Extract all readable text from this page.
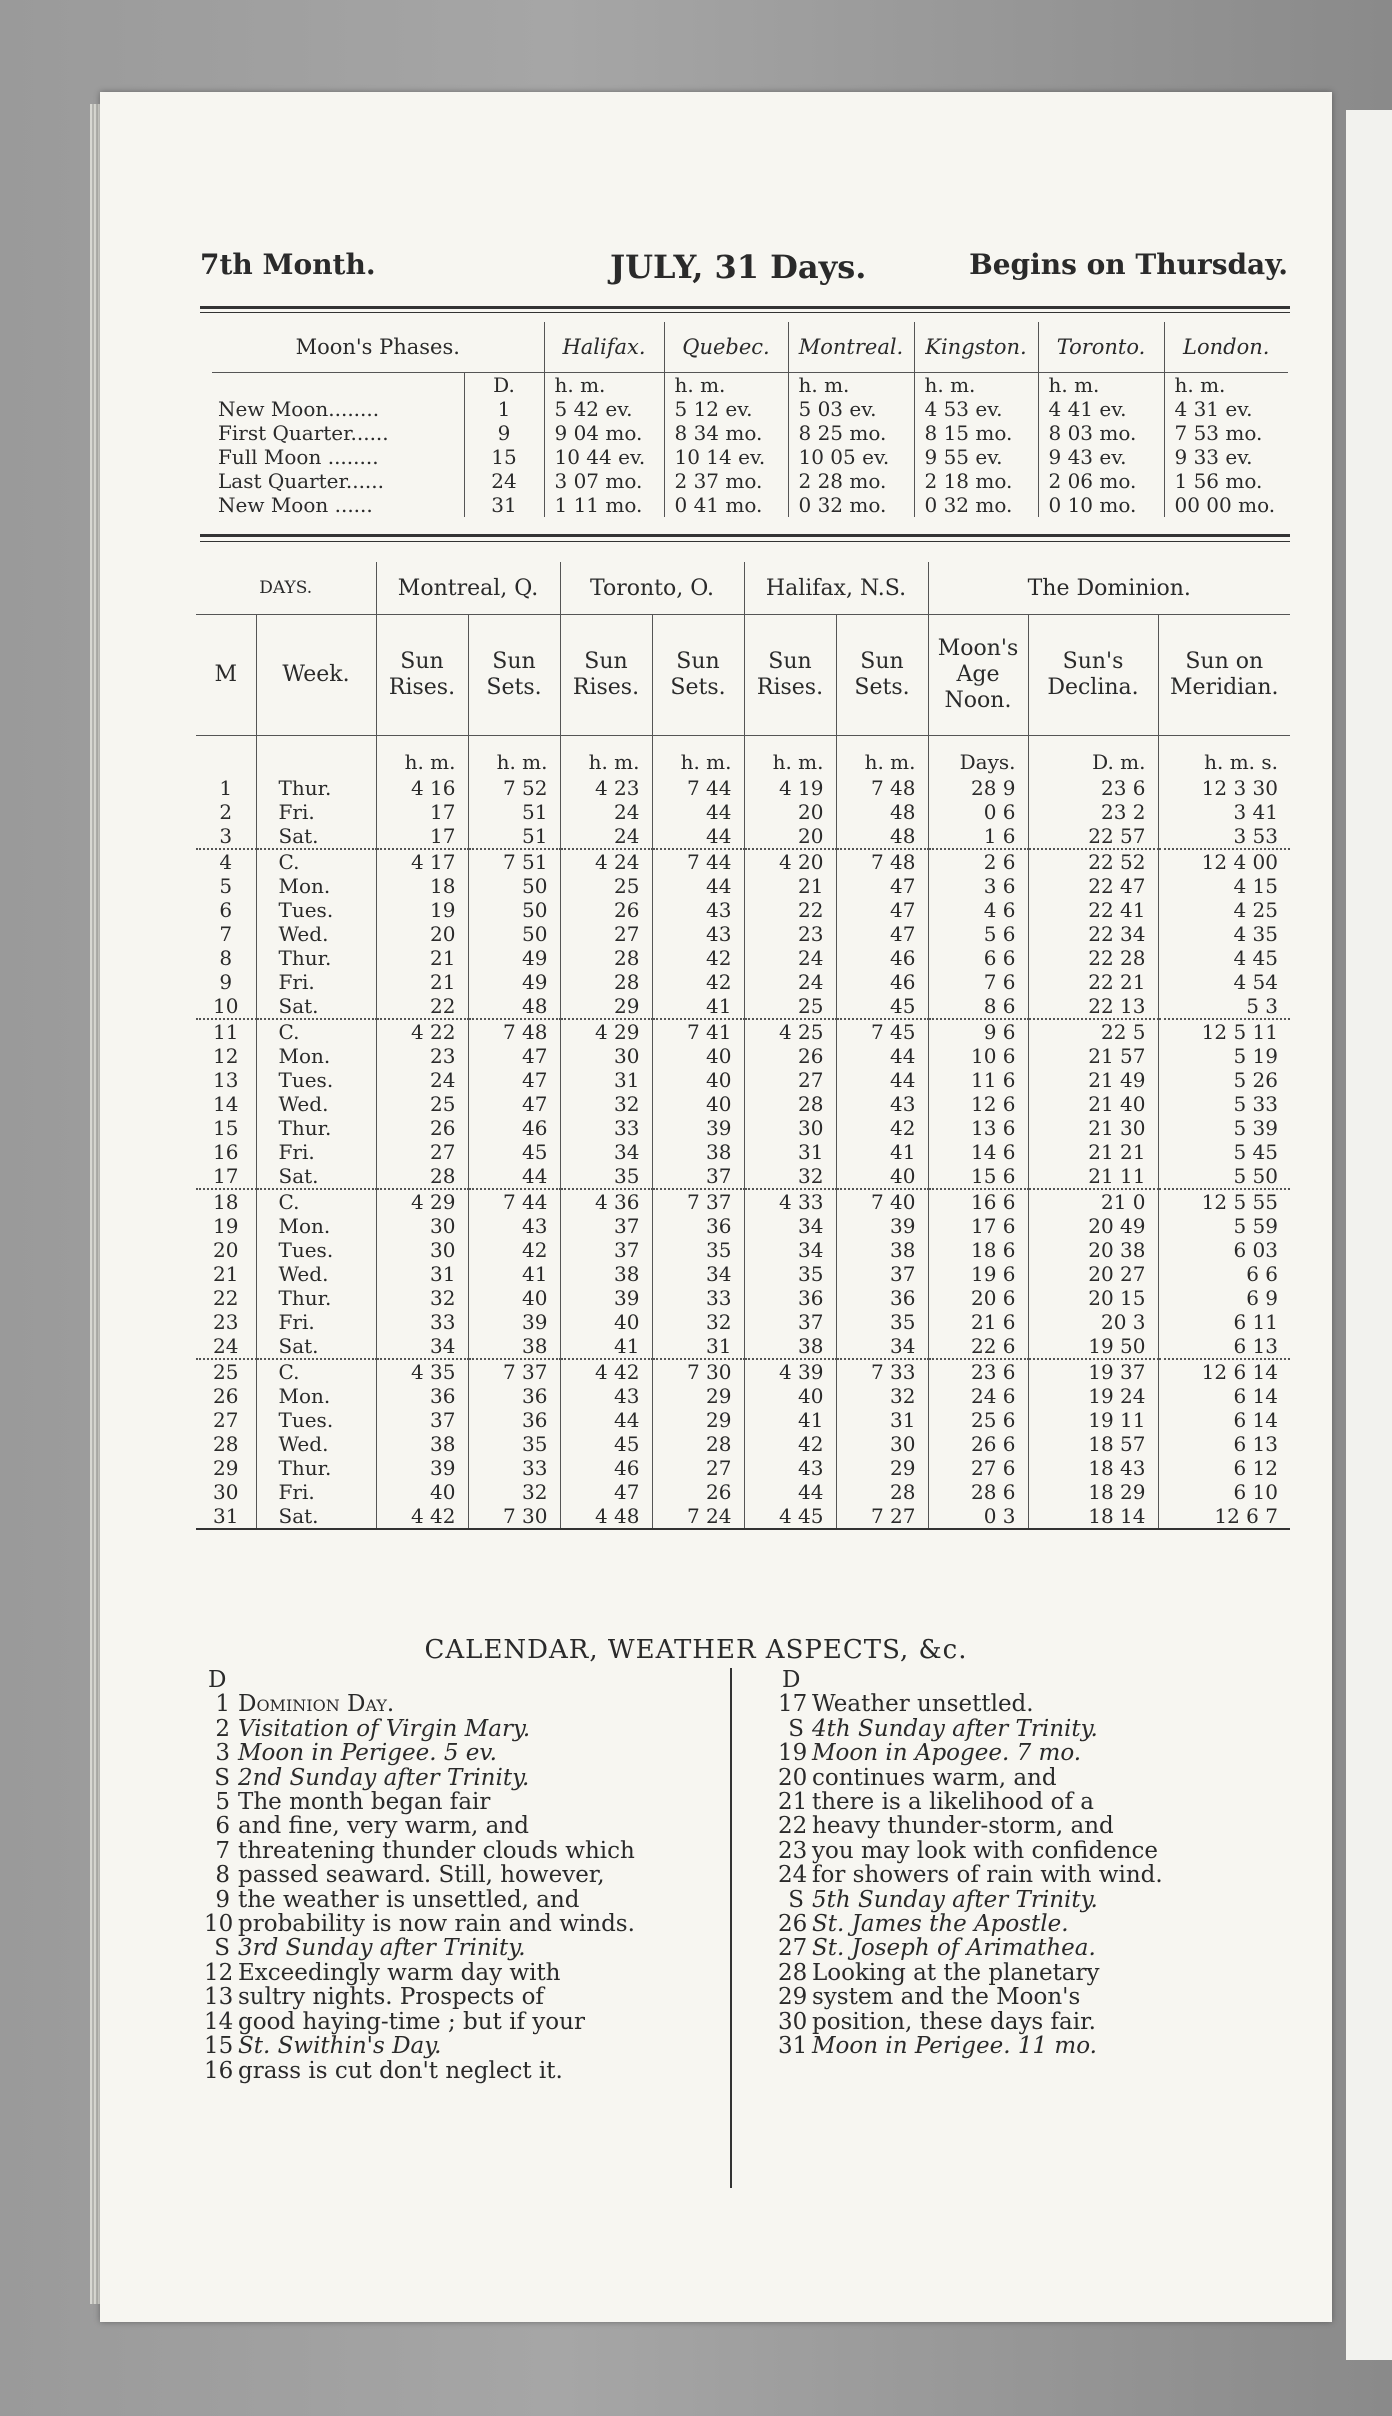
7th Month.	JULY, 31 Days.	Begins on Thursday.
Moon's Phases.		Halifax.	Quebec.	Montreal.	Kingston.	Toronto.	London.
	D.	h. m.	h. m.	h. m.	h. m.	h. m.	h. m.
New Moon........	1	5 42 ev.	5 12 ev.	5 03 ev.	4 53 ev.	4 41 ev.	4 31 ev.
First Quarter......	9	9 04 mo.	8 34 mo.	8 25 mo.	8 15 mo.	8 03 mo.	7 53 mo.
Full Moon ........	15	10 44 ev.	10 14 ev.	10 05 ev.	9 55 ev.	9 43 ev.	9 33 ev.
Last Quarter......	24	3 07 mo.	2 37 mo.	2 28 mo.	2 18 mo.	2 06 mo.	1 56 mo.
New Moon ......	31	1 11 mo.	0 41 mo.	0 32 mo.	0 32 mo.	0 10 mo.	00 00 mo.
DAYS.		Montreal, Q.		Toronto, O.		Halifax, N.S.		The Dominion.		
M	Week.	Sun Rises.	Sun Sets.	Sun Rises.	Sun Sets.	Sun Rises.	Sun Sets.	Moon's Age Noon.	Sun's Declina.	Sun on Meridian.
		h. m.	h. m.	h. m.	h. m.	h. m.	h. m.	Days.	D. m.	h. m. s.
1	Thur.	4 16	7 52	4 23	7 44	4 19	7 48	28 9	23 6	12 3 30
2	Fri.	17	51	24	44	20	48	0 6	23 2	3 41
3	Sat.	17	51	24	44	20	48	1 6	22 57	3 53
4	C.	4 17	7 51	4 24	7 44	4 20	7 48	2 6	22 52	12 4 00
5	Mon.	18	50	25	44	21	47	3 6	22 47	4 15
6	Tues.	19	50	26	43	22	47	4 6	22 41	4 25
7	Wed.	20	50	27	43	23	47	5 6	22 34	4 35
8	Thur.	21	49	28	42	24	46	6 6	22 28	4 45
9	Fri.	21	49	28	42	24	46	7 6	22 21	4 54
10	Sat.	22	48	29	41	25	45	8 6	22 13	5 3
11	C.	4 22	7 48	4 29	7 41	4 25	7 45	9 6	22 5	12 5 11
12	Mon.	23	47	30	40	26	44	10 6	21 57	5 19
13	Tues.	24	47	31	40	27	44	11 6	21 49	5 26
14	Wed.	25	47	32	40	28	43	12 6	21 40	5 33
15	Thur.	26	46	33	39	30	42	13 6	21 30	5 39
16	Fri.	27	45	34	38	31	41	14 6	21 21	5 45
17	Sat.	28	44	35	37	32	40	15 6	21 11	5 50
18	C.	4 29	7 44	4 36	7 37	4 33	7 40	16 6	21 0	12 5 55
19	Mon.	30	43	37	36	34	39	17 6	20 49	5 59
20	Tues.	30	42	37	35	34	38	18 6	20 38	6 03
21	Wed.	31	41	38	34	35	37	19 6	20 27	6 6
22	Thur.	32	40	39	33	36	36	20 6	20 15	6 9
23	Fri.	33	39	40	32	37	35	21 6	20 3	6 11
24	Sat.	34	38	41	31	38	34	22 6	19 50	6 13
25	C.	4 35	7 37	4 42	7 30	4 39	7 33	23 6	19 37	12 6 14
26	Mon.	36	36	43	29	40	32	24 6	19 24	6 14
27	Tues.	37	36	44	29	41	31	25 6	19 11	6 14
28	Wed.	38	35	45	28	42	30	26 6	18 57	6 13
29	Thur.	39	33	46	27	43	29	27 6	18 43	6 12
30	Fri.	40	32	47	26	44	28	28 6	18 29	6 10
31	Sat.	4 42	7 30	4 48	7 24	4 45	7 27	0 3	18 14	12 6 7
CALENDAR, WEATHER ASPECTS, &c.
D
1 Dominion Day.
2 Visitation of Virgin Mary.
3 Moon in Perigee. 5 ev.
S 2nd Sunday after Trinity.
5 The month began fair
6 and fine, very warm, and
7 threatening thunder clouds which
8 passed seaward. Still, however,
9 the weather is unsettled, and
10 probability is now rain and winds.
S 3rd Sunday after Trinity.
12 Exceedingly warm day with
13 sultry nights. Prospects of
14 good haying-time ; but if your
15 St. Swithin's Day.
16 grass is cut don't neglect it.
D
17 Weather unsettled.
S 4th Sunday after Trinity.
19 Moon in Apogee. 7 mo.
20 continues warm, and
21 there is a likelihood of a
22 heavy thunder-storm, and
23 you may look with confidence
24 for showers of rain with wind.
S 5th Sunday after Trinity.
26 St. James the Apostle.
27 St. Joseph of Arimathea.
28 Looking at the planetary
29 system and the Moon's
30 position, these days fair.
31 Moon in Perigee. 11 mo.
